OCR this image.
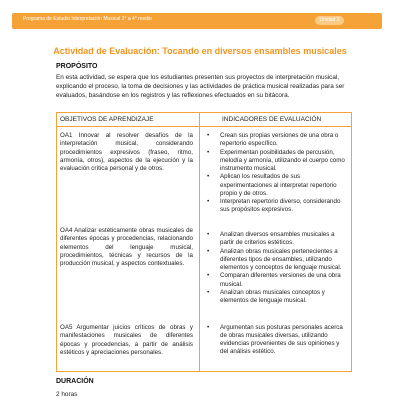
Programa de Estudio Interpretación Musical 3° a 4° medio	Unidad 2
Actividad de Evaluación: Tocando en diversos ensambles musicales
PROPÓSITO
En esta actividad, se espera que los estudiantes presenten sus proyectos de interpretación musical, explicando el proceso, la toma de decisiones y las actividades de práctica musical realizadas para ser evaluados, basándose en los registros y las reflexiones efectuados en su bitácora.
OBJETIVOS DE APRENDIZAJE	INDICADORES DE EVALUACIÓN
OA1 Innovar al resolver desafíos de la interpretación musical, considerando procedimientos expresivos (fraseo, ritmo, armonía, otros), aspectos de la ejecución y la evaluación crítica personal y de otros.
• Crean sus propias versiones de una obra o repertorio específico.
• Experimentan posibilidades de percusión, melodía y armonía, utilizando el cuerpo como instrumento musical.
• Aplican los resultados de sus experimentaciones al interpretar repertorio propio y de otros.
• Interpretan repertorio diverso, considerando sus propósitos expresivos.
OA4 Analizar estéticamente obras musicales de diferentes épocas y procedencias, relacionando elementos del lenguaje musical, procedimientos, técnicas y recursos de la producción musical, y aspectos contextuales.
• Analizan diversos ensambles musicales a partir de criterios estéticos.
• Analizan obras musicales pertenecientes a diferentes tipos de ensambles, utilizando elementos y conceptos de lenguaje musical.
• Comparan diferentes versiones de una obra musical.
• Analizan obras musicales conceptos y elementos de lenguaje musical.
OA5 Argumentar juicios críticos de obras y manifestaciones musicales de diferentes épocas y procedencias, a partir de análisis estéticos y apreciaciones personales.
• Argumentan sus posturas personales acerca de obras musicales diversas, utilizando evidencias provenientes de sus opiniones y del análisis estético.
DURACIÓN
2 horas
